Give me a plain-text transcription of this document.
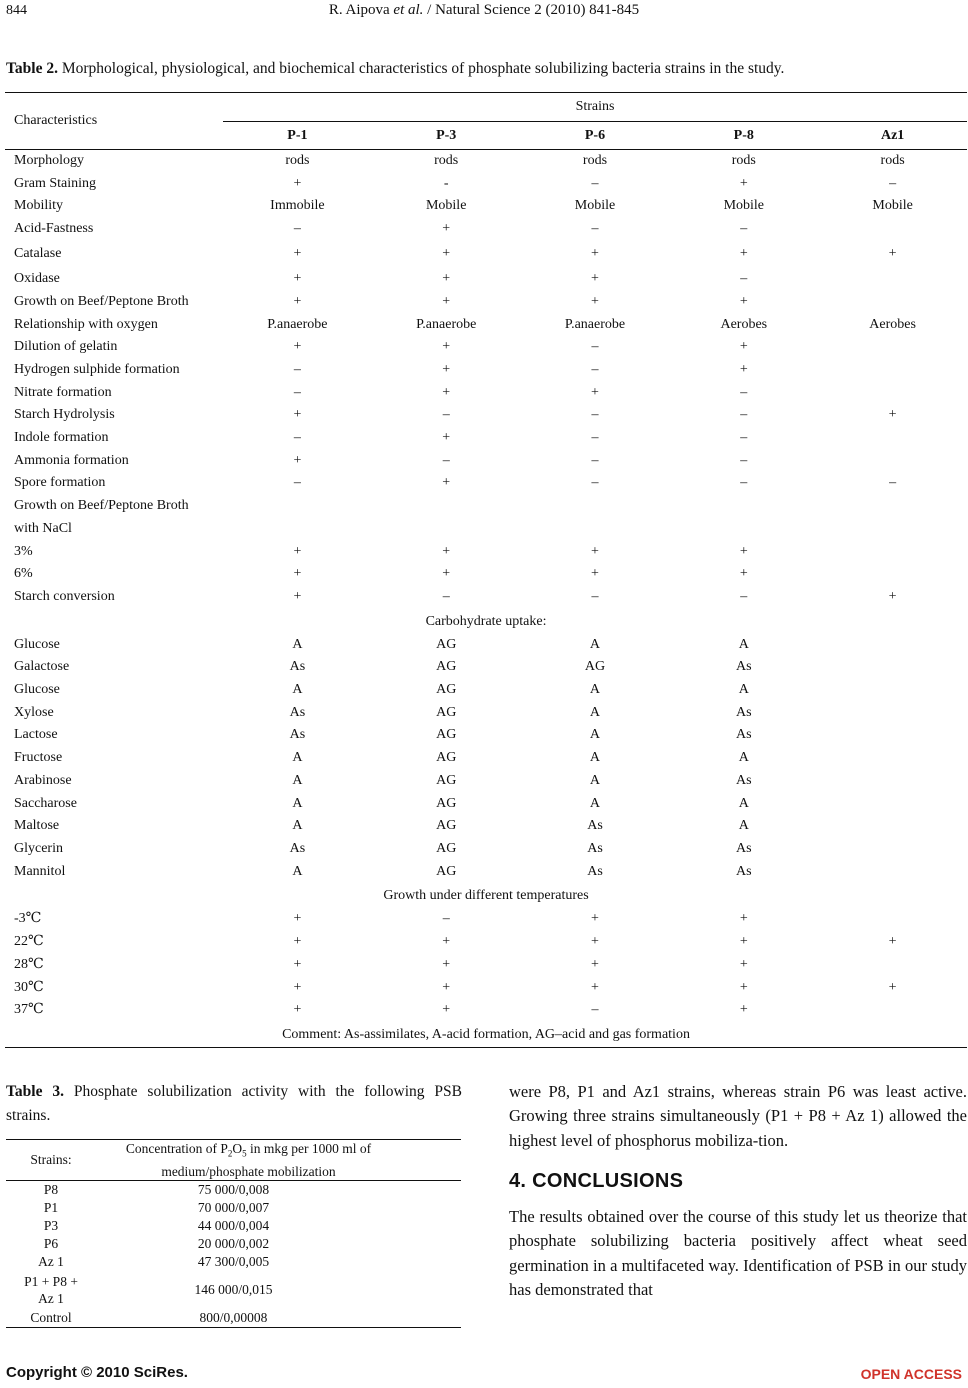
844	R. Aipova et al. / Natural Science 2 (2010) 841-845
Table 2. Morphological, physiological, and biochemical characteristics of phosphate solubilizing bacteria strains in the study.
Characteristics	Strains				
	P-1	P-3	P-6	P-8	Az1
Morphology	rods	rods	rods	rods	rods
Gram Staining	+	-	–	+	–
Mobility	Immobile	Mobile	Mobile	Mobile	Mobile
Acid-Fastness	–	+	–	–	
Catalase	+	+	+	+	+
Oxidase	+	+	+	–	
Growth on Beef/Peptone Broth	+	+	+	+	
Relationship with oxygen	P.anaerobe	P.anaerobe	P.anaerobe	Aerobes	Aerobes
Dilution of gelatin	+	+	–	+	
Hydrogen sulphide formation	–	+	–	+	
Nitrate formation	–	+	+	–	
Starch Hydrolysis	+	–	–	–	+
Indole formation	–	+	–	–	
Ammonia formation	+	–	–	–	
Spore formation	–	+	–	–	–
Growth on Beef/Peptone Broth					
with NaCl					
3%	+	+	+	+	
6%	+	+	+	+	
Starch conversion	+	–	–	–	+
Carbohydrate uptake:					
Glucose	A	AG	A	A	
Galactose	As	AG	AG	As	
Glucose	A	AG	A	A	
Xylose	As	AG	A	As	
Lactose	As	AG	A	As	
Fructose	A	AG	A	A	
Arabinose	A	AG	A	As	
Saccharose	A	AG	A	A	
Maltose	A	AG	As	A	
Glycerin	As	AG	As	As	
Mannitol	A	AG	As	As	
Growth under different temperatures					
-3℃	+	–	+	+	
22℃	+	+	+	+	+
28℃	+	+	+	+	
30℃	+	+	+	+	+
37℃	+	+	–	+	
Comment: As-assimilates, A-acid formation, AG–acid and gas formation					
Table 3. Phosphate solubilization activity with the following PSB strains.
Strains:	Concentration of $P_2O_5$ in mkg per 1000 ml of
medium/phosphate mobilization
P8	75 000/0,008
P1	70 000/0,007
P3	44 000/0,004
P6	20 000/0,002
Az 1	47 300/0,005
P1 + P8 +
Az 1	146 000/0,015
Control	800/0,00008

were P8, P1 and Az1 strains, whereas strain P6 was least active. Growing three strains simultaneously (P1 + P8 + Az 1) allowed the highest level of phosphorus mobiliza-tion.

4. CONCLUSIONS

The results obtained over the course of this study let us theorize that phosphate solubilizing bacteria positively affect wheat seed germination in a multifaceted way. Identification of PSB in our study has demonstrated that

Copyright © 2010 SciRes.	OPEN ACCESS
